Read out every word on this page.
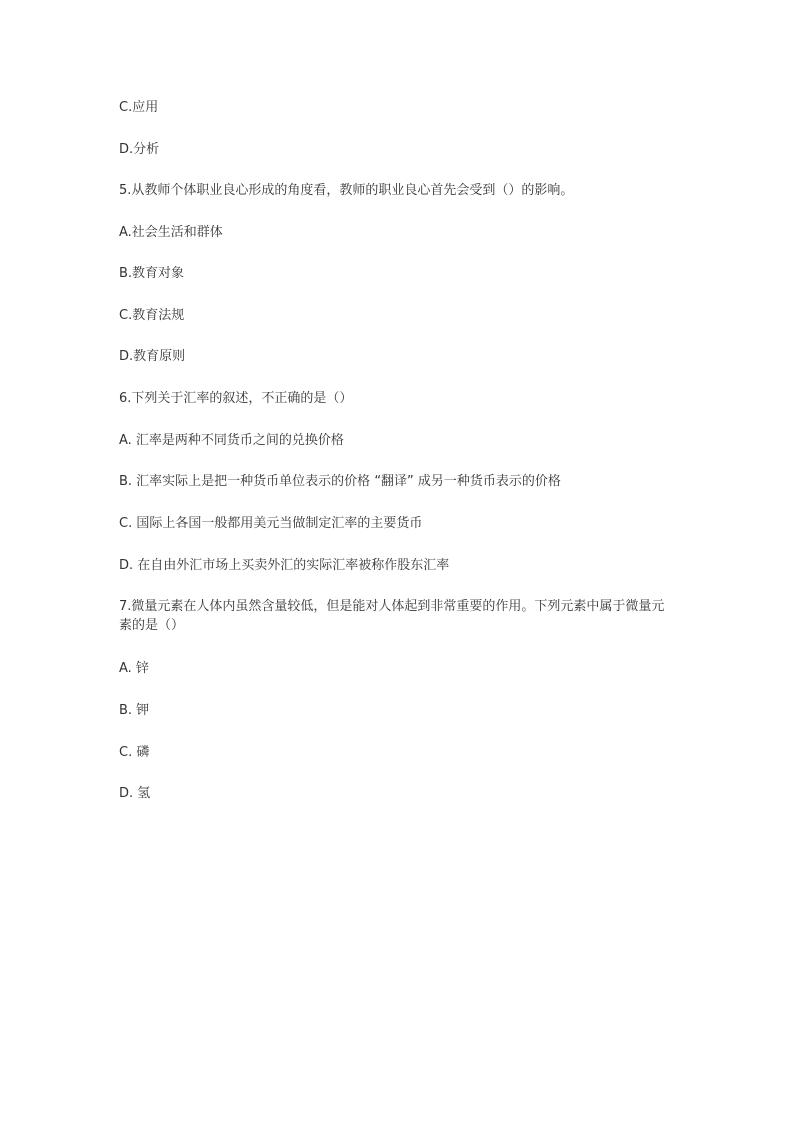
C.应用
D.分析
5.从教师个体职业良心形成的角度看，教师的职业良心首先会受到（）的影响。
A.社会生活和群体
B.教育对象
C.教育法规
D.教育原则
6.下列关于汇率的叙述，不正确的是（）
A. 汇率是两种不同货币之间的兑换价格
B. 汇率实际上是把一种货币单位表示的价格 “翻译” 成另一种货币表示的价格
C. 国际上各国一般都用美元当做制定汇率的主要货币
D. 在自由外汇市场上买卖外汇的实际汇率被称作股东汇率
7.微量元素在人体内虽然含量较低，但是能对人体起到非常重要的作用。下列元素中属于微量元素的是（）
A. 锌
B. 钾
C. 磷
D. 氢
